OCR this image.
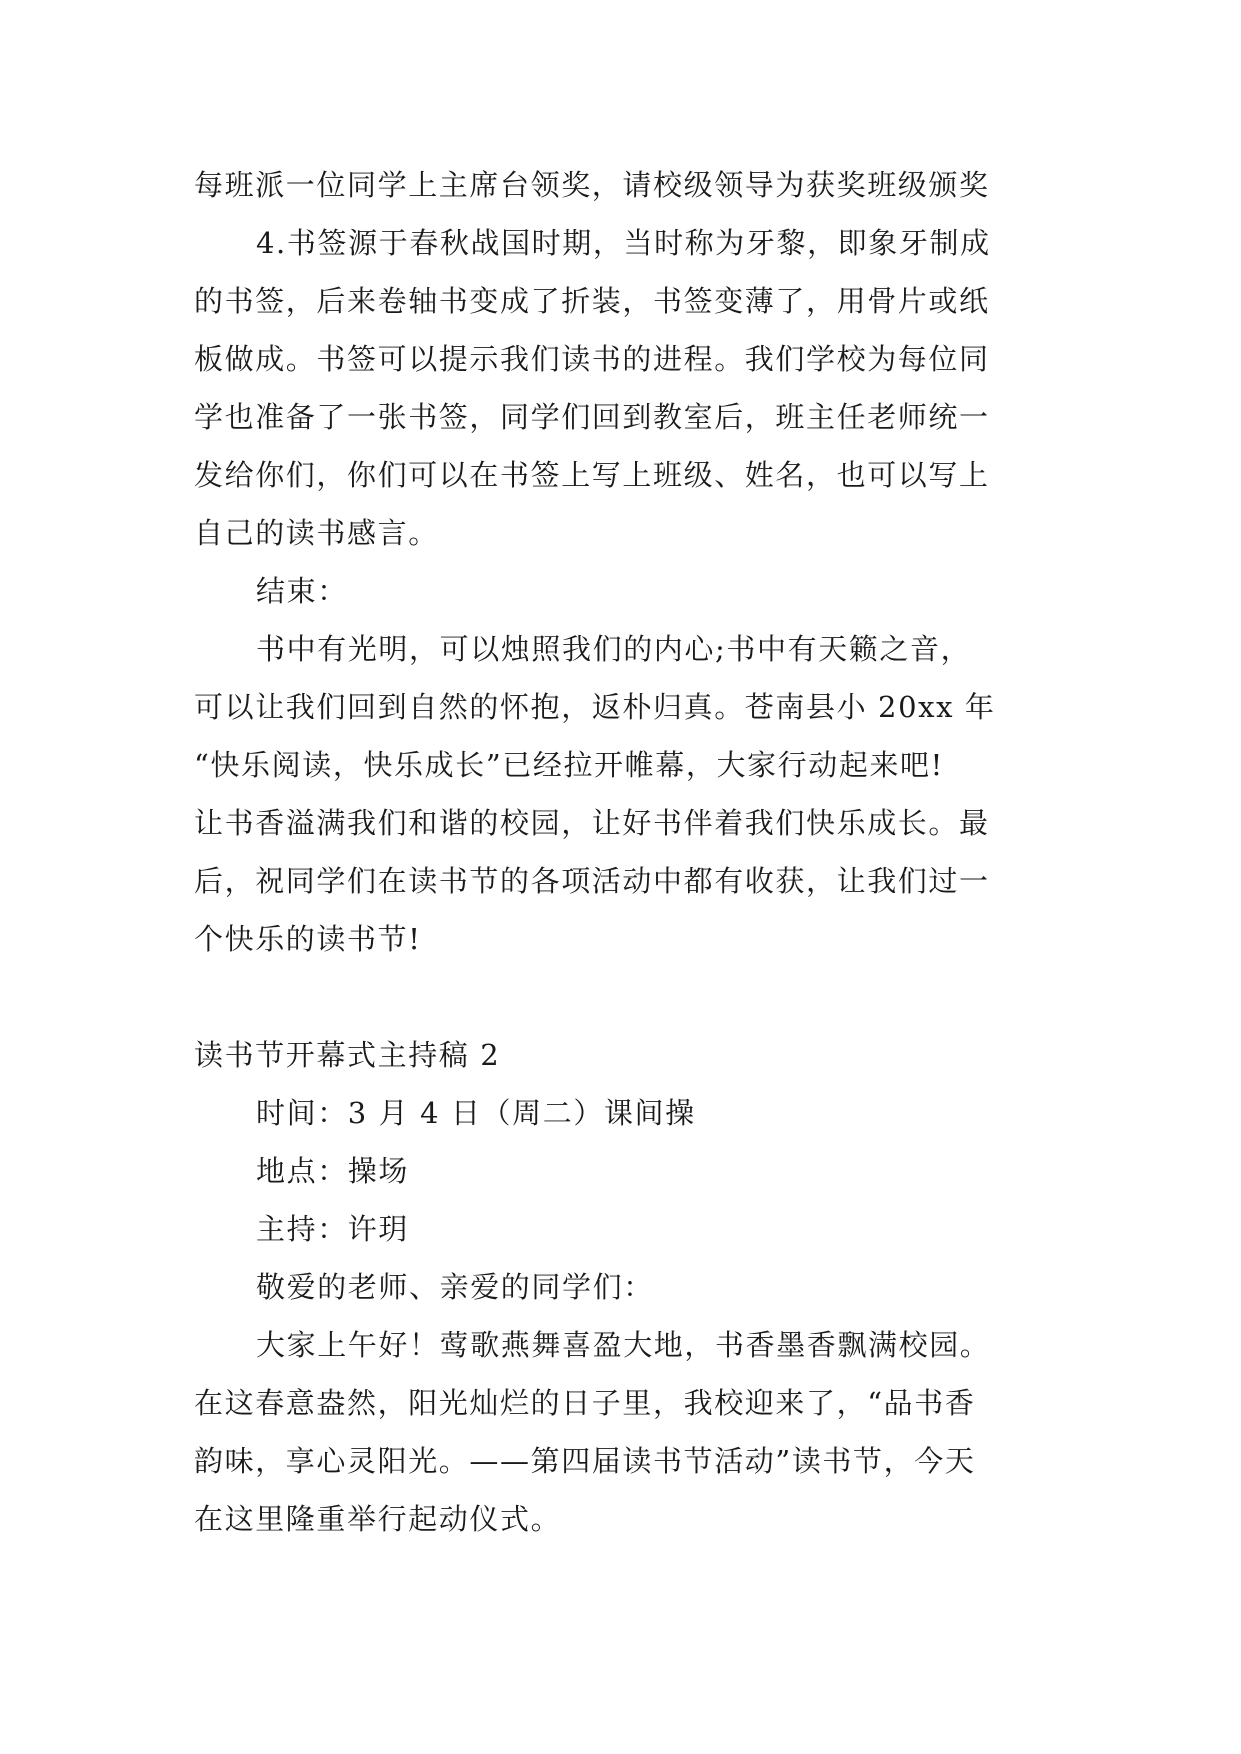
每班派一位同学上主席台领奖，请校级领导为获奖班级颁奖

4.书签源于春秋战国时期，当时称为牙黎，即象牙制成

的书签，后来卷轴书变成了折装，书签变薄了，用骨片或纸

板做成。书签可以提示我们读书的进程。我们学校为每位同

学也准备了一张书签，同学们回到教室后，班主任老师统一

发给你们，你们可以在书签上写上班级、姓名，也可以写上

自己的读书感言。

结束：

书中有光明，可以烛照我们的内心;书中有天籁之音，

可以让我们回到自然的怀抱，返朴归真。苍南县小 20xx 年

“快乐阅读，快乐成长”已经拉开帷幕，大家行动起来吧!

让书香溢满我们和谐的校园，让好书伴着我们快乐成长。最

后，祝同学们在读书节的各项活动中都有收获，让我们过一

个快乐的读书节!

读书节开幕式主持稿 2

时间：3 月 4 日（周二）课间操

地点：操场

主持：许玥

敬爱的老师、亲爱的同学们：

大家上午好！莺歌燕舞喜盈大地，书香墨香飘满校园。

在这春意盎然，阳光灿烂的日子里，我校迎来了，“品书香

韵味，享心灵阳光。——第四届读书节活动”读书节，今天

在这里隆重举行起动仪式。
